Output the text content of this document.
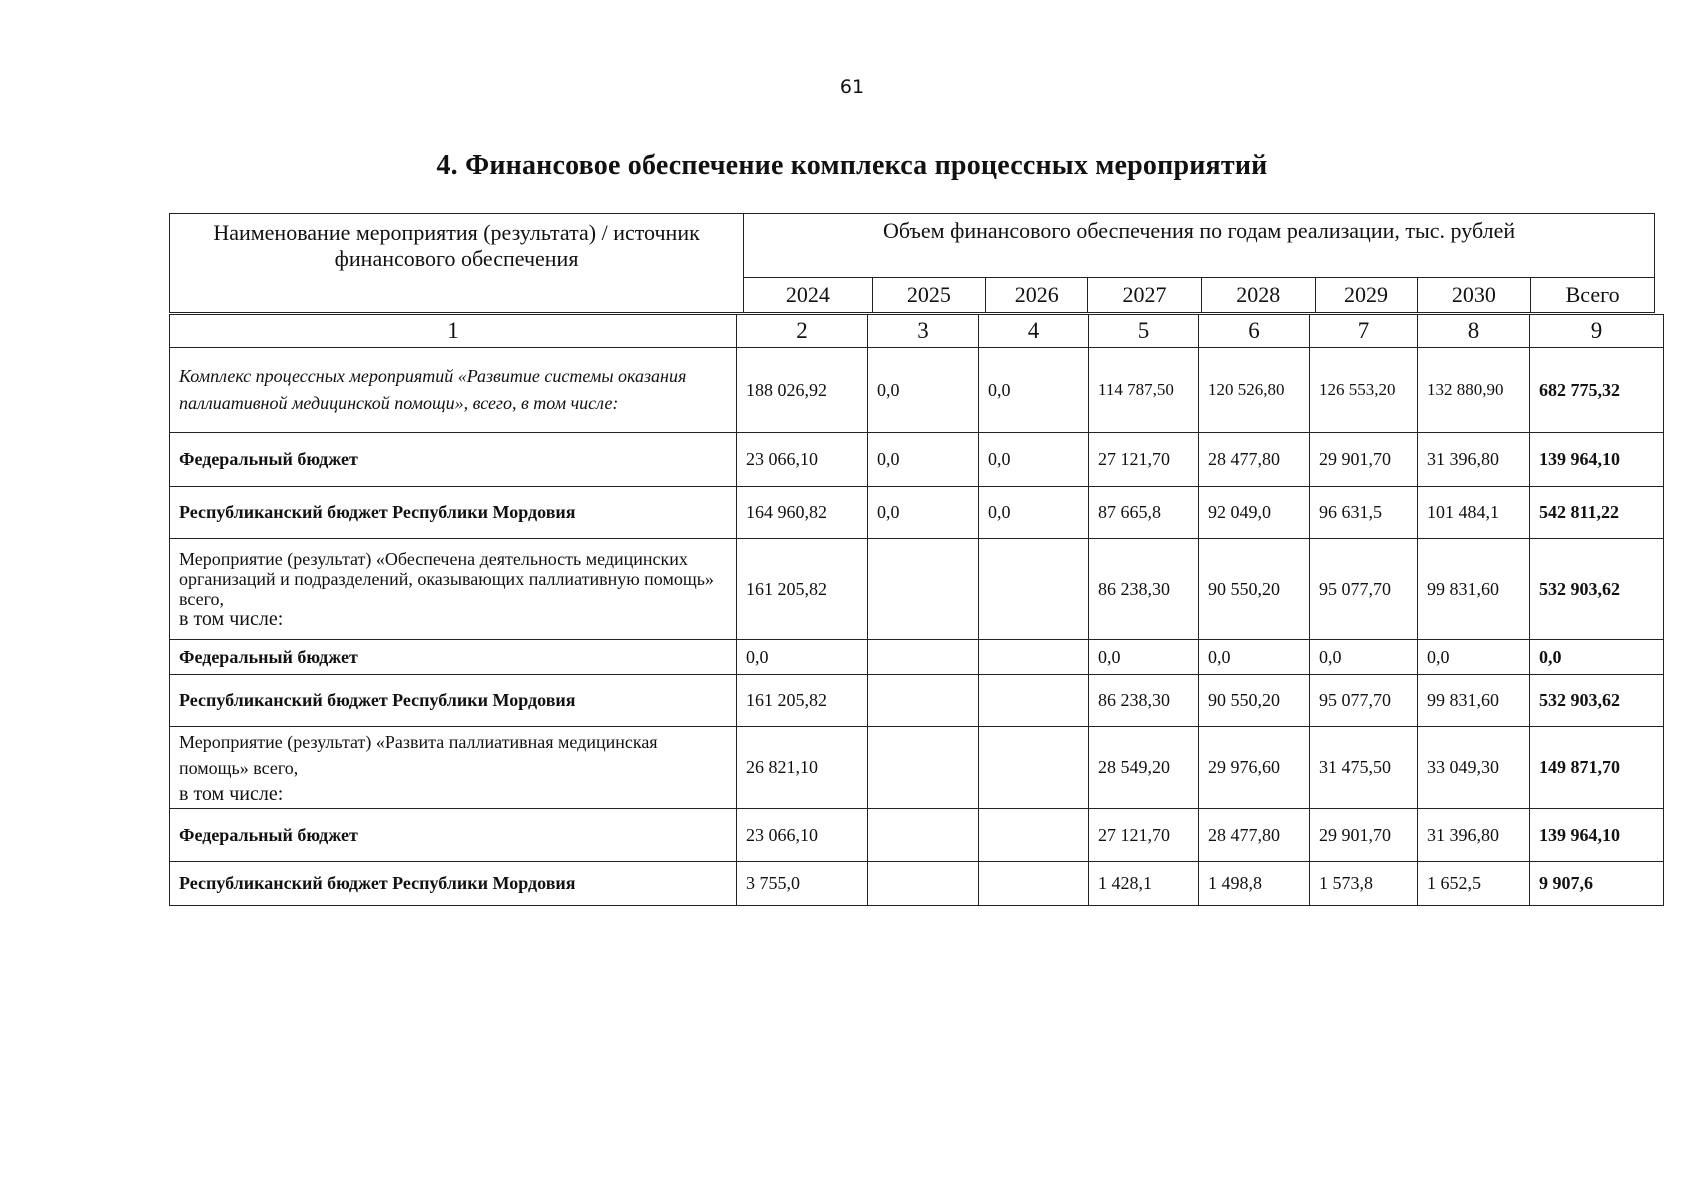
61
4. Финансовое обеспечение комплекса процессных мероприятий
Наименование мероприятия (результата) / источник финансового обеспечения	Объем финансового обеспечения по годам реализации, тыс. рублей							
	2024	2025	2026	2027	2028	2029	2030	Всего
1	2	3	4	5	6	7	8	9
Комплекс процессных мероприятий «Развитие системы оказания паллиативной медицинской помощи», всего, в том числе:	188 026,92	0,0	0,0	114 787,50	120 526,80	126 553,20	132 880,90	682 775,32
Федеральный бюджет	23 066,10	0,0	0,0	27 121,70	28 477,80	29 901,70	31 396,80	139 964,10
Республиканский бюджет Республики Мордовия	164 960,82	0,0	0,0	87 665,8	92 049,0	96 631,5	101 484,1	542 811,22

Мероприятие (результат) «Обеспечена деятельность медицинских организаций и подразделений, оказывающих паллиативную помощь» всего,
в том числе:	161 205,82			86 238,30	90 550,20	95 077,70	99 831,60	532 903,62
Федеральный бюджет	0,0			0,0	0,0	0,0	0,0	0,0
Республиканский бюджет Республики Мордовия	161 205,82			86 238,30	90 550,20	95 077,70	99 831,60	532 903,62

Мероприятие (результат) «Развита паллиативная медицинская помощь» всего,
в том числе:	26 821,10			28 549,20	29 976,60	31 475,50	33 049,30	149 871,70
Федеральный бюджет	23 066,10			27 121,70	28 477,80	29 901,70	31 396,80	139 964,10
Республиканский бюджет Республики Мордовия	3 755,0			1 428,1	1 498,8	1 573,8	1 652,5	9 907,6
